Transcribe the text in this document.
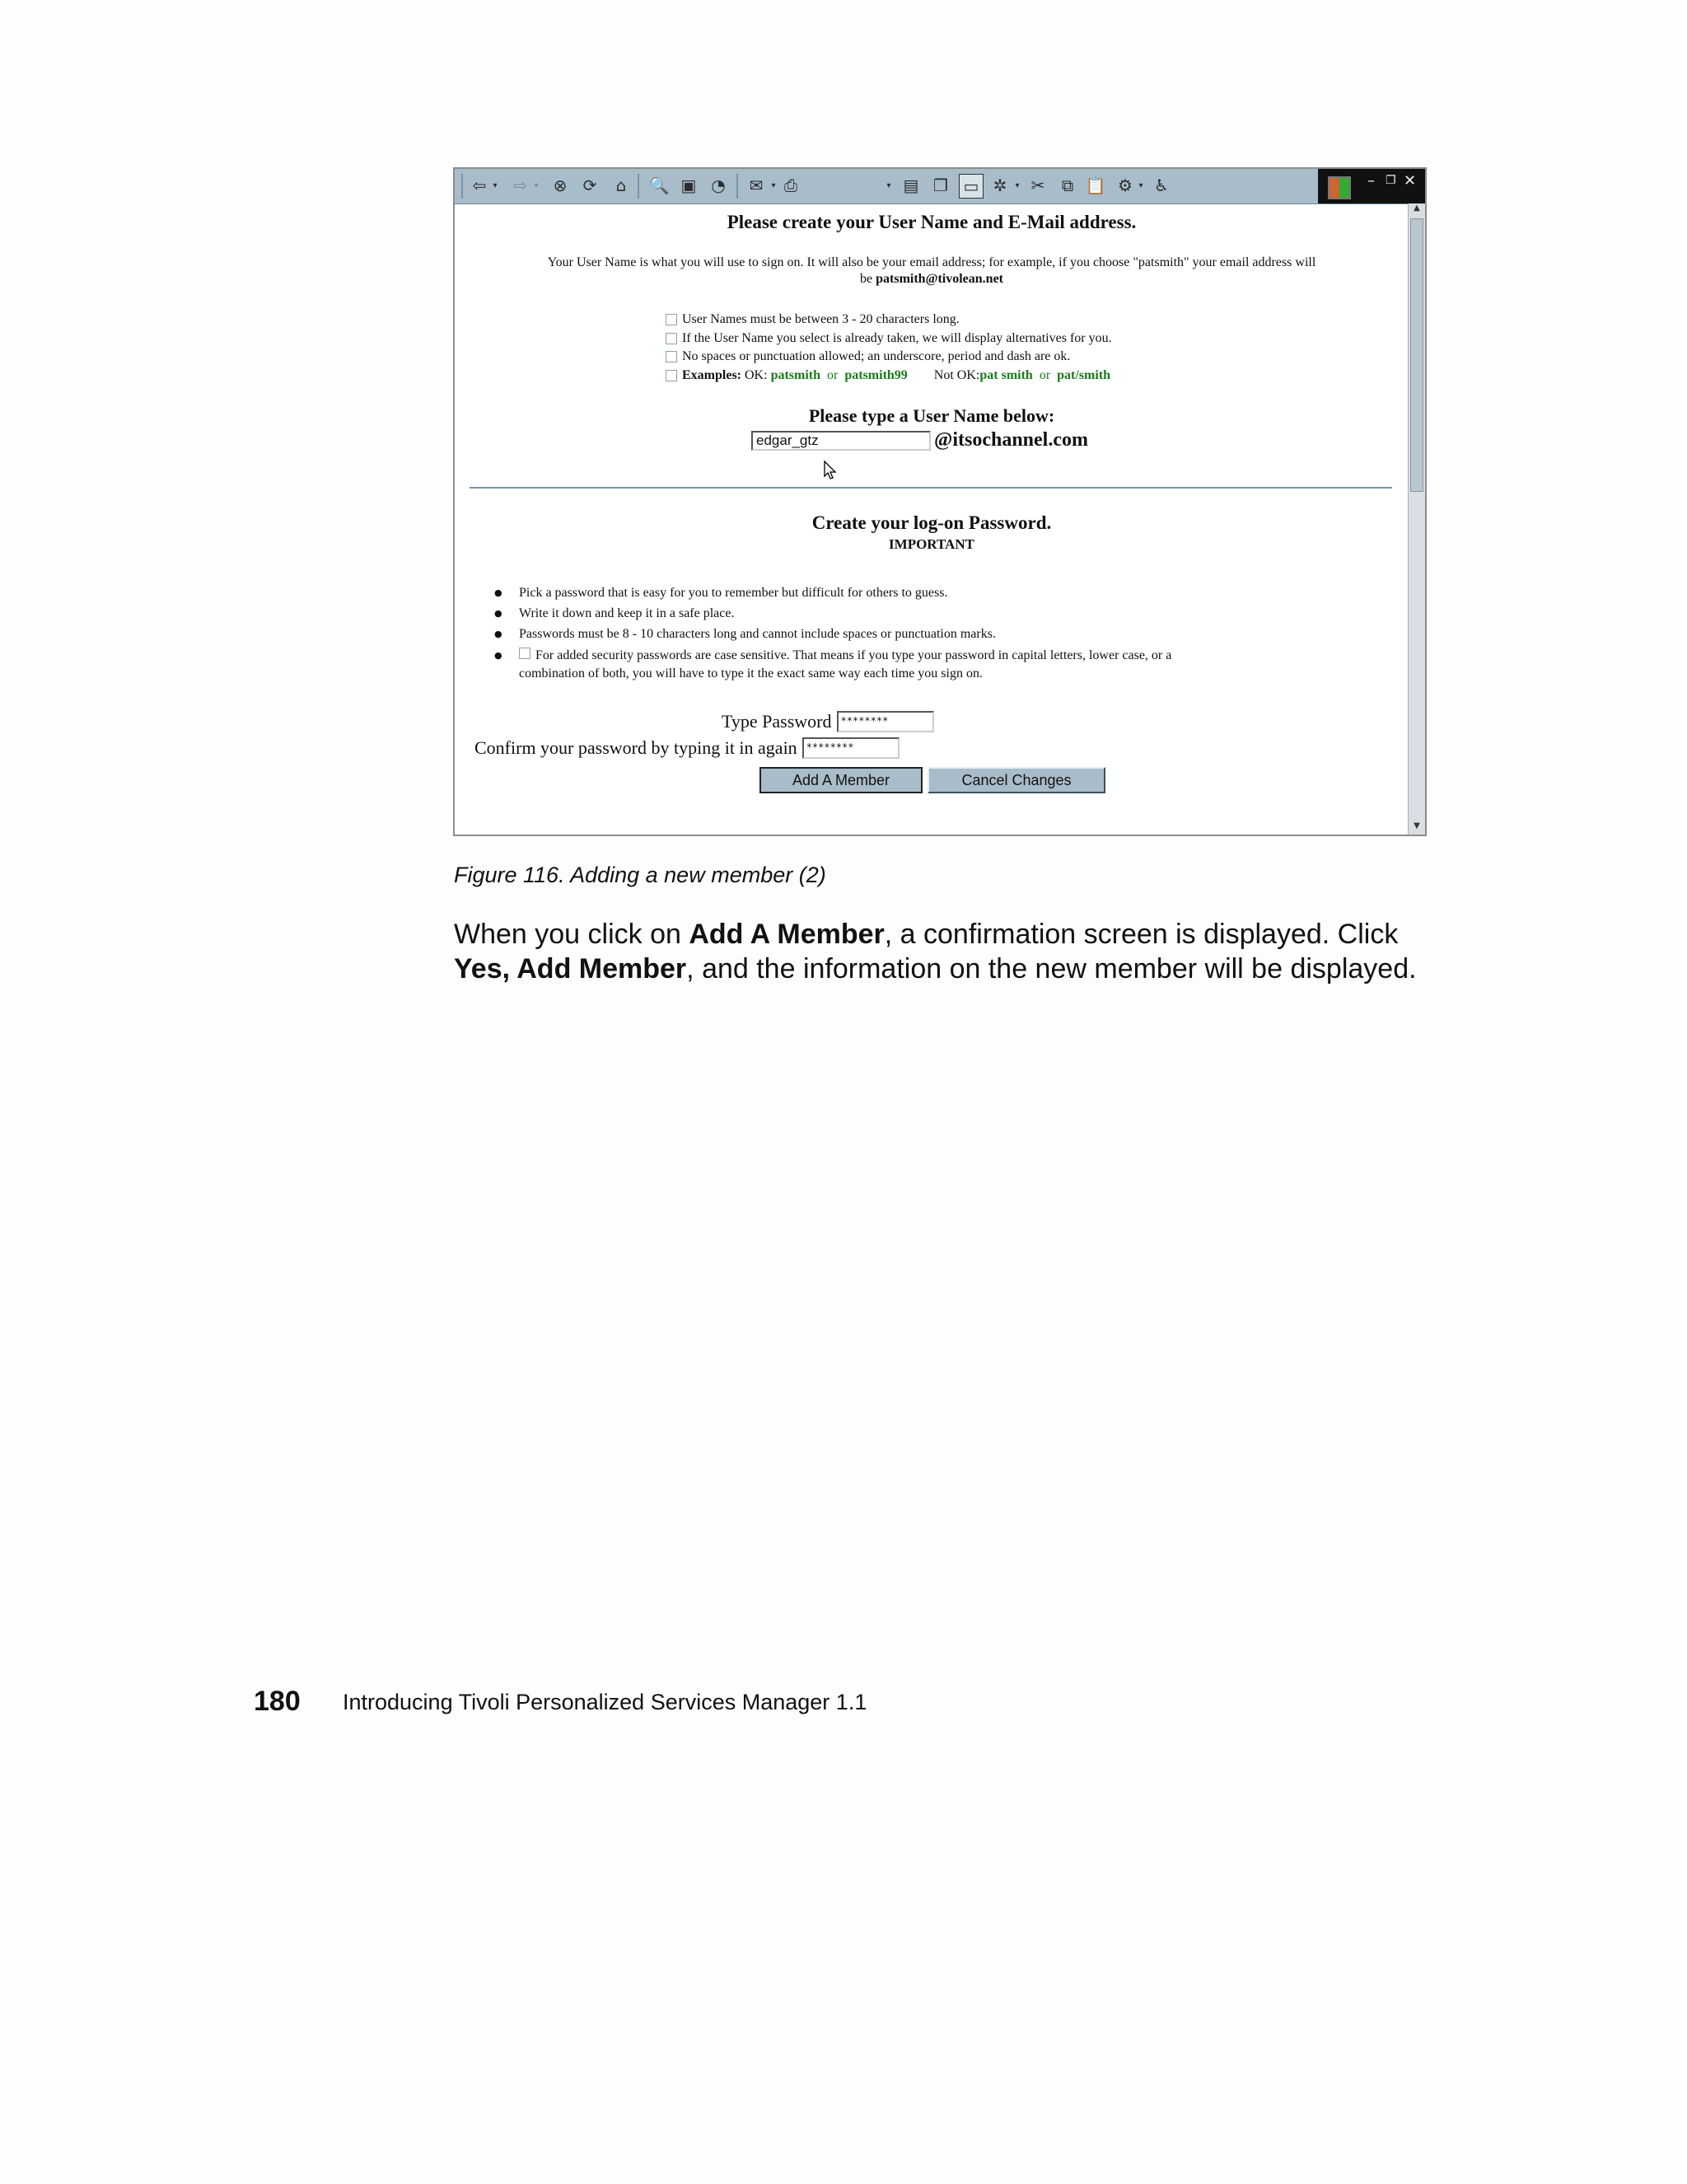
⇦ ▾ ⇨ ▾ ⊗ ⟳	⌂	🔍 ▣ ◔ ✉	▾ ⎙	▾ ▤ ❐ ▭ ✲	▾ ✂	⧉ 📋 ⚙ ▾ ♿	– ❐ ✕
▲
▼
Please create your User Name and E-Mail address.
Your User Name is what you will use to sign on. It will also be your email address; for example, if you choose "patsmith" your email address will
be patsmith@tivolean.net
User Names must be between 3 - 20 characters long.
If the User Name you select is already taken, we will display alternatives for you.
No spaces or punctuation allowed; an underscore, period and dash are ok.
Examples:
OK:
patsmith
or
patsmith99
Not OK: pat smith
or
pat/smith
Please type a User Name below:
edgar_gtz	@itsochannel.com
Create your log-on Password.
IMPORTANT
● Pick a password that is easy for you to remember but difficult for others to guess.
● Write it down and keep it in a safe place.
● Passwords must be 8 - 10 characters long and cannot include spaces or punctuation marks.
● For added security passwords are case sensitive. That means if you type your password in capital letters, lower case, or a
combination of both, you will have to type it the exact same way each time you sign on.
Type Password ********
Confirm your password by typing it in again ********
Add A Member	Cancel Changes
Figure 116. Adding a new member (2)
When you click on Add A Member, a confirmation screen is displayed. Click
Yes, Add Member, and the information on the new member will be displayed.
180 Introducing Tivoli Personalized Services Manager 1.1
